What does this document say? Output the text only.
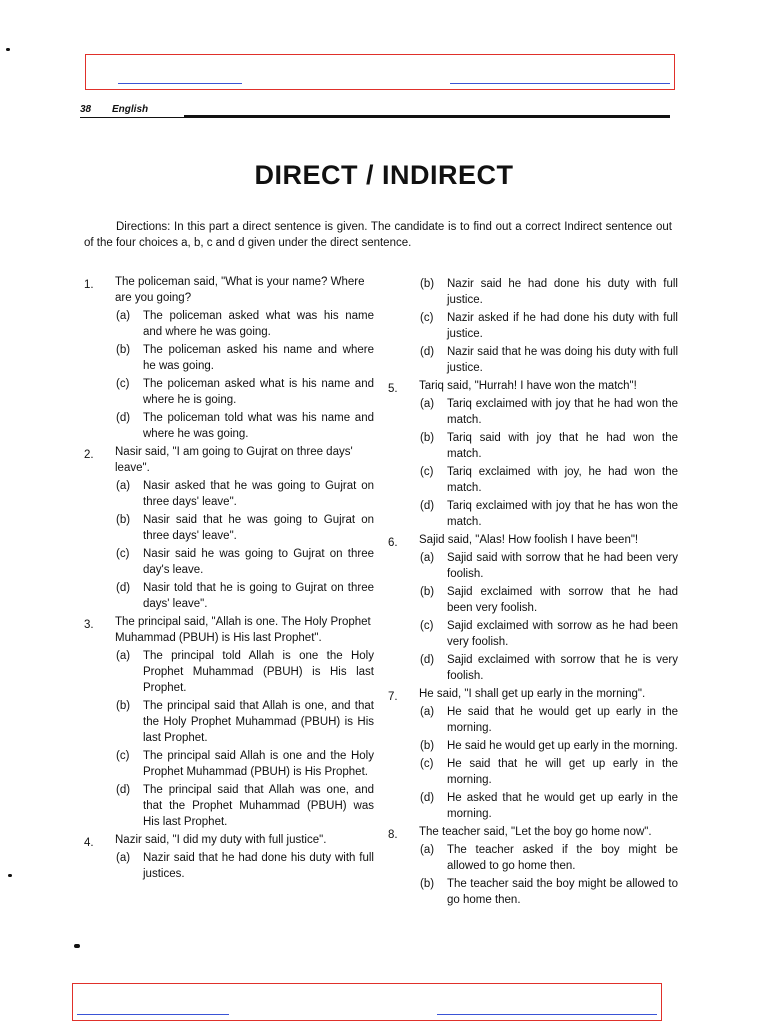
38 English
DIRECT / INDIRECT
Directions: In this part a direct sentence is given. The candidate is to find out a correct Indirect sentence out of the four choices a, b, c and d given under the direct sentence.
1. The policeman said, "What is your name? Where are you going?

(a) The policeman asked what was his name and where he was going.
(b) The policeman asked his name and where he was going.
(c) The policeman asked what is his name and where he is going.
(d) The policeman told what was his name and where he was going.
2. Nasir said, "I am going to Gujrat on three days' leave".

(a) Nasir asked that he was going to Gujrat on three days' leave".
(b) Nasir said that he was going to Gujrat on three days' leave".
(c) Nasir said he was going to Gujrat on three day's leave.
(d) Nasir told that he is going to Gujrat on three days' leave".
3. The principal said, "Allah is one. The Holy Prophet Muhammad (PBUH) is His last Prophet".

(a) The principal told Allah is one the Holy Prophet Muhammad (PBUH) is His last Prophet.
(b) The principal said that Allah is one, and that the Holy Prophet Muhammad (PBUH) is His last Prophet.
(c) The principal said Allah is one and the Holy Prophet Muhammad (PBUH) is His Prophet.
(d) The principal said that Allah was one, and that the Prophet Muhammad (PBUH) was His last Prophet.
4. Nazir said, "I did my duty with full justice".

(a) Nazir said that he had done his duty with full justices.
(b) Nazir said he had done his duty with full justice.
(c) Nazir asked if he had done his duty with full justice.
(d) Nazir said that he was doing his duty with full justice.
5. Tariq said, "Hurrah! I have won the match"!

(a) Tariq exclaimed with joy that he had won the match.
(b) Tariq said with joy that he had won the match.
(c) Tariq exclaimed with joy, he had won the match.
(d) Tariq exclaimed with joy that he has won the match.
6. Sajid said, "Alas! How foolish I have been"!

(a) Sajid said with sorrow that he had been very foolish.
(b) Sajid exclaimed with sorrow that he had been very foolish.
(c) Sajid exclaimed with sorrow as he had been very foolish.
(d) Sajid exclaimed with sorrow that he is very foolish.
7. He said, "I shall get up early in the morning".

(a) He said that he would get up early in the morning.
(b) He said he would get up early in the morning.
(c) He said that he will get up early in the morning.
(d) He asked that he would get up early in the morning.
8. The teacher said, "Let the boy go home now".

(a) The teacher asked if the boy might be allowed to go home then.
(b) The teacher said the boy might be allowed to go home then.
